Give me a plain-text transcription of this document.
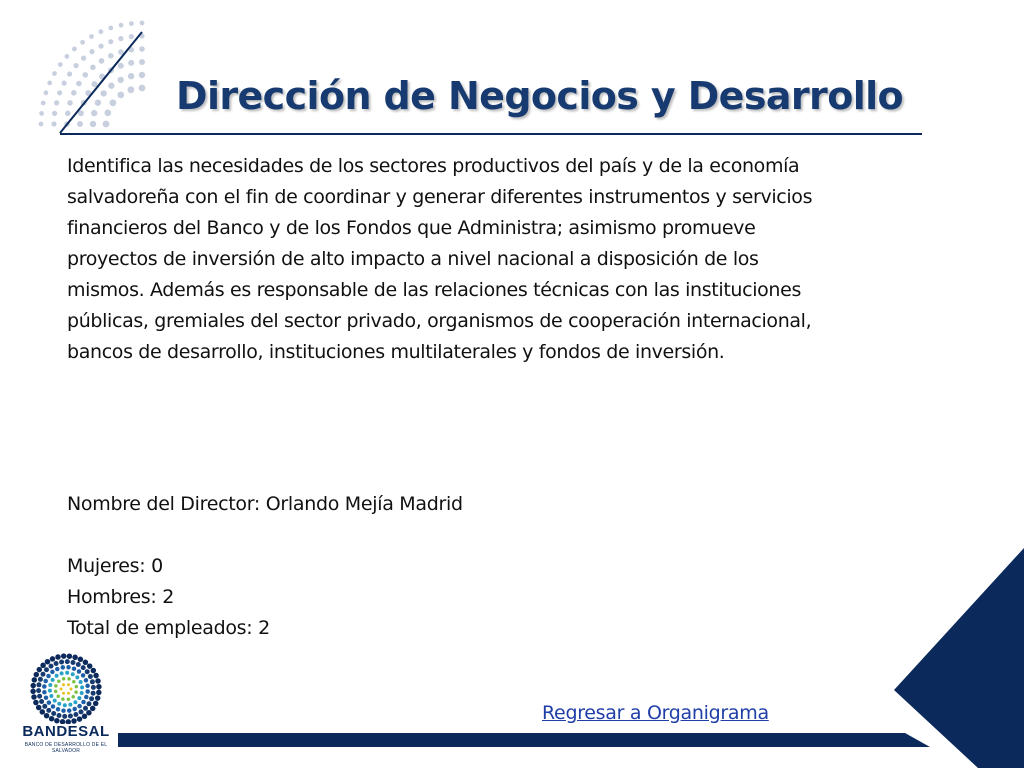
Dirección de Negocios y Desarrollo

Identifica las necesidades de los sectores productivos del país y de la economía
salvadoreña con el fin de coordinar y generar diferentes instrumentos y servicios
financieros del Banco y de los Fondos que Administra; asimismo promueve
proyectos de inversión de alto impacto a nivel nacional a disposición de los
mismos. Además es responsable de las relaciones técnicas con las instituciones
públicas, gremiales del sector privado, organismos de cooperación internacional,
bancos de desarrollo, instituciones multilaterales y fondos de inversión.

Nombre del Director: Orlando Mejía Madrid

Mujeres: 0

Hombres: 2

Total de empleados: 2

Regresar a Organigrama
BANDESAL
BANCO DE DESARROLLO DE EL SALVADOR
